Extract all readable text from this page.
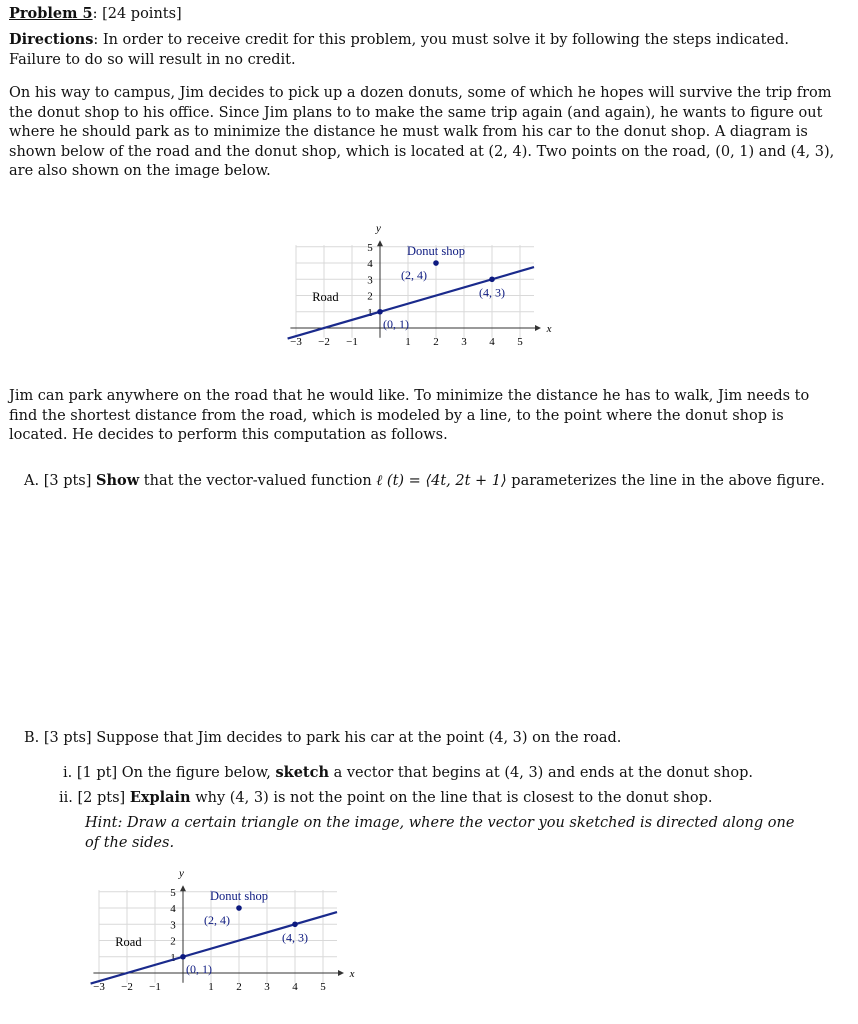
Problem 5: [24 points]

Directions: In order to receive credit for this problem, you must solve it by following the steps indicated. Failure to do so will result in no credit.

On his way to campus, Jim decides to pick up a dozen donuts, some of which he hopes will survive the trip from the donut shop to his office. Since Jim plans to to make the same trip again (and again), he wants to figure out where he should park as to minimize the distance he must walk from his car to the donut shop. A diagram is shown below of the road and the donut shop, which is located at (2, 4). Two points on the road, (0, 1) and (4, 3), are also shown on the image below.

x
y
−3 −2 −1	1 2 3 4 5
5
4
3
2
1
Road
Donut shop
(2, 4)
(0, 1)
(4, 3)

Jim can park anywhere on the road that he would like. To minimize the distance he has to walk, Jim needs to find the shortest distance from the road, which is modeled by a line, to the point where the donut shop is located. He decides to perform this computation as follows.

A. [3 pts] Show that the vector-valued function ℓ (t) = ⟨4t, 2t + 1⟩ parameterizes the line in the above figure.

B. [3 pts] Suppose that Jim decides to park his car at the point (4, 3) on the road.

i. [1 pt] On the figure below, sketch a vector that begins at (4, 3) and ends at the donut shop.

ii. [2 pts] Explain why (4, 3) is not the point on the line that is closest to the donut shop.

Hint: Draw a certain triangle on the image, where the vector you sketched is directed along one of the sides.

x
y
−3 −2 −1	1 2 3 4 5
5
4
3
2
1
Road
Donut shop
(2, 4)
(0, 1)
(4, 3)
